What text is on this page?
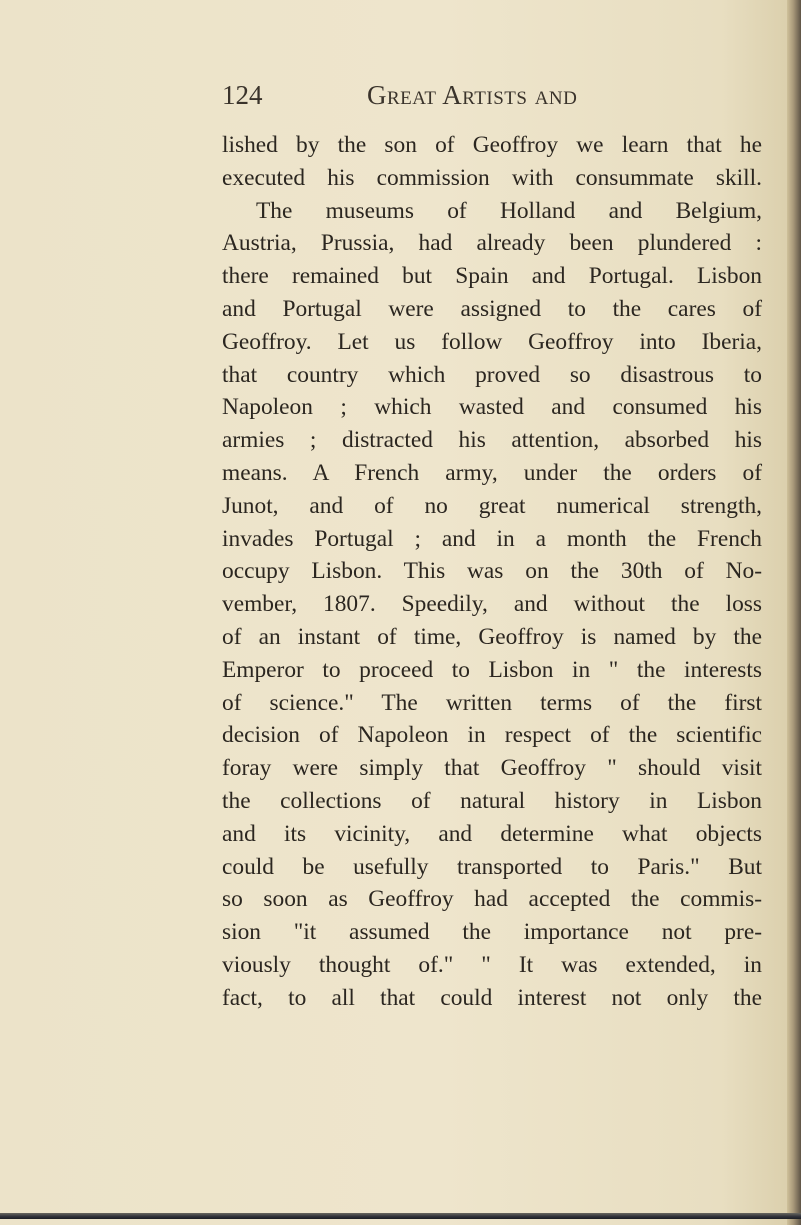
124	Great Artists and
lished by the son of Geoffroy we learn that he
executed his commission with consummate skill.
The museums of Holland and Belgium,
Austria, Prussia, had already been plundered :
there remained but Spain and Portugal. Lisbon
and Portugal were assigned to the cares of
Geoffroy. Let us follow Geoffroy into Iberia,
that country which proved so disastrous to
Napoleon ; which wasted and consumed his
armies ; distracted his attention, absorbed his
means. A French army, under the orders of
Junot, and of no great numerical strength,
invades Portugal ; and in a month the French
occupy Lisbon. This was on the 30th of No-
vember, 1807. Speedily, and without the loss
of an instant of time, Geoffroy is named by the
Emperor to proceed to Lisbon in " the interests
of science." The written terms of the first
decision of Napoleon in respect of the scientific
foray were simply that Geoffroy " should visit
the collections of natural history in Lisbon
and its vicinity, and determine what objects
could be usefully transported to Paris." But
so soon as Geoffroy had accepted the commis-
sion "it assumed the importance not pre-
viously thought of." " It was extended, in
fact, to all that could interest not only the
